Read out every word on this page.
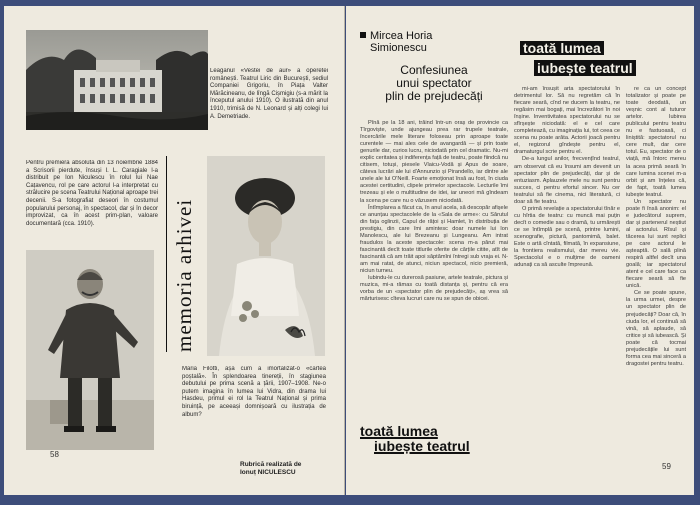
Leagănul «Vestei de aur» a operetei românești. Teatrul Liric din București, sediul Companiei Grigoriu, în Piața Valter Mărăcineanu, de lîngă Cișmigiu (s-a mărit la începutul anului 1910). O ilustrată din anul 1910, trimisă de N. Leonard și alți colegi lui A. Demetriade.
Pentru premiera absolută din 13 noiembrie 1884 a Scrisorii pierdute, însuși I. L. Caragiale l-a distribuit pe Ion Niculescu în rolul lui Nae Cațavencu, rol pe care actorul l-a interpretat cu strălucire pe scena Teatrului Național aproape trei decenii. S-a fotografiat deseori în costumul popularului personaj, în spectacol, dar și în decor improvizat, ca în acest prim-plan, valoare documentară (cca. 1910).	memoria arhivei
Maria Filotti, așa cum a imortalizat-o «cartea poștală». În splendoarea tinereții, în stagiunea debutului pe prima scenă a țării, 1907–1908. Ne-o putem imagina în lumea lui Vidra, din drama lui Hasdeu, primul ei rol la Teatrul Național și prima biruință, pe aceeași domnișoară cu ilustrația de album?
Rubrică realizată de
Ionuț NICULESCU
58
Mircea Horia
Simionescu	toată lumea
iubește teatrul
Confesiunea
unui spectator
plin de prejudecăți

Pînă pe la 18 ani, trăind într-un oraș de provincie ca Tîrgoviște, unde ajungeau prea rar trupele teatrale, încercările mele literare foloseau prin aproape toate curentele — mai ales cele de avangardă — și prin toate genurile dar, curios lucru, niciodată prin cel dramatic. Nu-mi explic ceritatea și indiferența față de teatru, poate fiindcă nu citisem, totuși, piesele Vlaicu-Vodă și Apus de soare, câteva lucrări ale lui d'Annunzio și Pirandello, iar dintre ale unele ale lui O'Neill. Foarte emoționat însă au fost, în ciuda acestei certitudini, clipele primelor spectacole. Lecturile îmi trezeau și ele o multitudine de idei, iar uneori mă gîndeam la scena pe care nu o văzusem niciodată.

Întîmplarea a făcut ca, în anul acela, să descopăr afișele ce anunțau spectacolele de la «Sala de arme»: cu Sărutul din fața oglinzii, Capul de rățoi și Hamlet, în distribuția de prestigiu, din care îmi amintesc doar numele lui Ion Manolescu, ale lui Brezeanu și Lungeanu. Am intrat fraudulos la aceste spectacole: scena m-a părut mai fascinantă decît toate titlurile oferite de cărțile citite, atît de fascinantă că am trăit apoi săptămîni întregi sub vraja ei. N-am mai ratat, de atunci, niciun spectacol, nicio premieră, niciun turneu.

Iubindu-le cu durerosă pasiune, artele teatrale, pictura și muzica, mi-a rămas cu toată distanța și, pentru că era vorba de un «spectator plin de prejudecăți», aș vrea să mărturisesc cîteva lucruri care nu se spun de obicei.

toată lumea
iubește teatrul

mi-am însușit arta spectatorului în detrimentul lor. Să nu regretăm că în fiecare seară, cînd ne ducem la teatru, ne regăsim mai bogați, mai încrezători în noi înșine. Inventivitatea spectatorului nu se sfîrșește niciodată: el e cel care completează, cu imaginația lui, tot ceea ce scena nu poate arăta. Actorii joacă pentru el, regizorul gîndește pentru el, dramaturgul scrie pentru el.

De-a lungul anilor, frecvențînd teatrul, am observat că eu însumi am devenit un spectator plin de prejudecăți, dar și de entuziasm. Aplauzele mele nu sunt pentru succes, ci pentru efortul sincer. Nu cer teatrului să fie cinema, nici literatură, ci doar să fie teatru.

O primă revelație a spectatorului tînăr e cu hîrtia de teatru: cu muncă mai puțin decît o comedie sau o dramă, tu urmărești ce se întîmplă pe scenă, printre lumini, scenografie, pictură, pantomimă, balet. Este o artă cîntată, filmată, în expansiune, la frontiera realismului, dar mereu vie. Spectacolul e o mulțime de oameni adunați ca să asculte împreună.

re ca un concept totalizator și poate pe toate deodată, un veșnic cont al tuturor artelor. Iubirea publicului pentru teatru nu e fastuoasă, ci liniștită: spectatorul nu cere mult, dar cere totul. Eu, spectator de o viață, mă întorc mereu la acea primă seară în care lumina scenei m-a orbit și am înțeles că, de fapt, toată lumea iubește teatrul.

Un spectator nu poate fi însă anonim: el e judecătorul suprem, dar și partenerul neștiut al actorului. Rîsul și tăcerea lui sunt replici pe care actorul le așteaptă. O sală plină respiră altfel decît una goală; iar spectatorul atent e cel care face ca fiecare seară să fie unică.

Ce se poate spune, la urma urmei, despre un spectator plin de prejudecăți? Doar că, în ciuda lor, el continuă să vină, să aplaude, să critice și să iubească. Și poate că tocmai prejudecățile lui sunt forma cea mai sinceră a dragostei pentru teatru.

59
